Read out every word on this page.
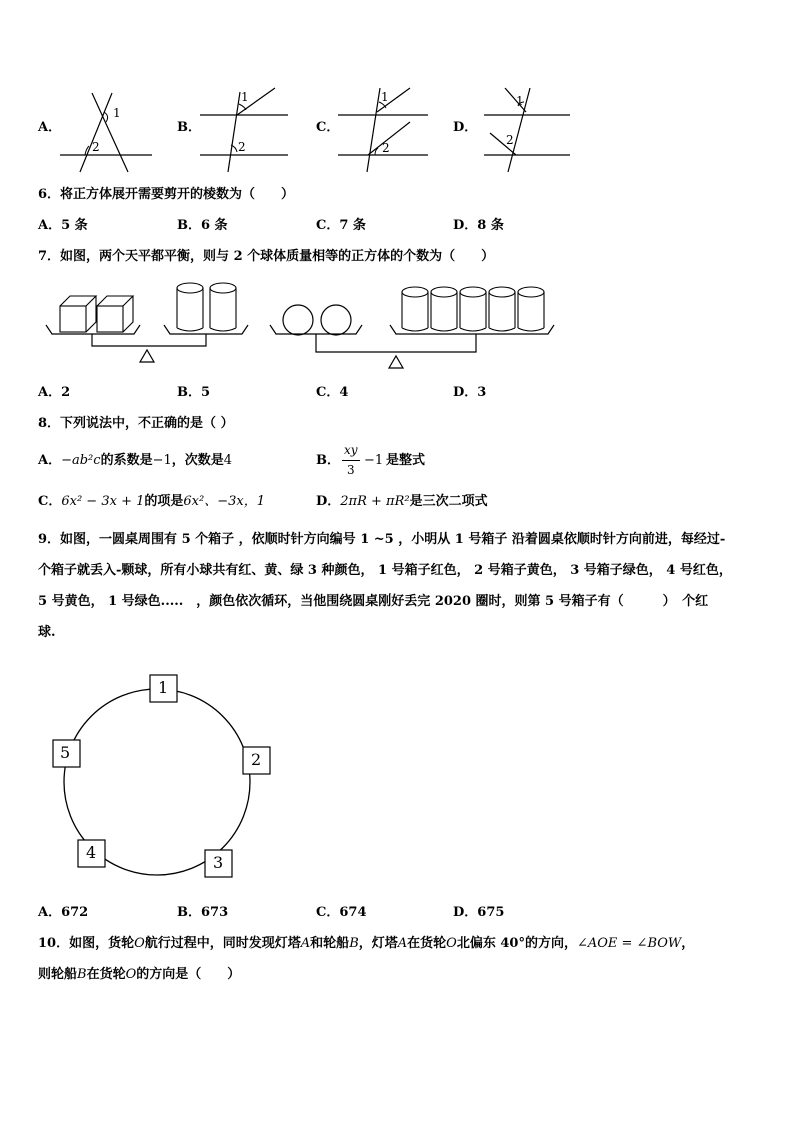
A．
1
2
B．
1
2
C．
1
2
D．
1
2
6．将正方体展开需要剪开的棱数为（　　）
A．5 条	B．6 条	C．7 条	D．8 条
7．如图，两个天平都平衡，则与 2 个球体质量相等的正方体的个数为（　　）
A．2	B．5	C．4	D．3
8．下列说法中，不正确的是（ ）
A．−ab²c的系数是−1，次数是4	B．
xy
3
−1 是整式
C．6x² − 3x + 1的项是6x²、−3x，1	D．2πR + πR²是三次二项式
9．如图，一圆桌周围有 5 个箱子 ，依顺时针方向编号 1 ~5 ，小明从 1 号箱子 沿着圆桌依顺时针方向前进，每经过-
个箱子就丢入-颗球，所有小球共有红、黄、绿 3 种颜色， 1 号箱子红色， 2 号箱子黄色， 3 号箱子绿色， 4 号红色，
5 号黄色， 1 号绿色.....　，颜色依次循环，当他围绕圆桌刚好丢完 2020 圈时，则第 5 号箱子有（　　　）　个红
球.
1
2
3
4
5
A．672	B．673	C．674	D．675
10．如图，货轮O航行过程中，同时发现灯塔A和轮船B，灯塔A在货轮O北偏东 40°的方向，∠AOE = ∠BOW，
则轮船B在货轮O的方向是（　　）
